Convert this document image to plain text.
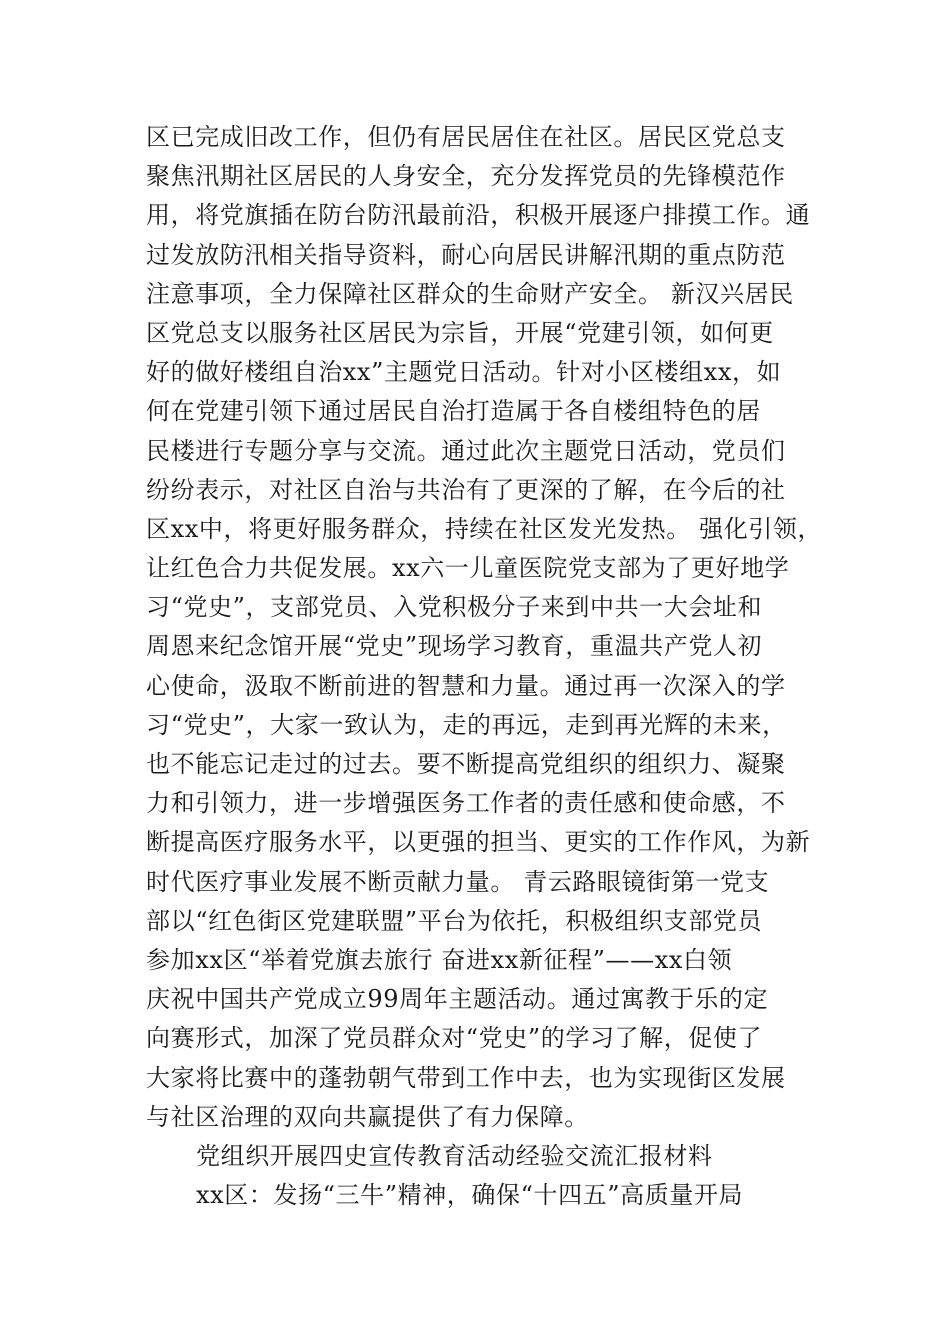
区已完成旧改工作，但仍有居民居住在社区。居民区党总支
聚焦汛期社区居民的人身安全，充分发挥党员的先锋模范作
用，将党旗插在防台防汛最前沿，积极开展逐户排摸工作。通
过发放防汛相关指导资料，耐心向居民讲解汛期的重点防范
注意事项，全力保障社区群众的生命财产安全。 新汉兴居民
区党总支以服务社区居民为宗旨，开展“党建引领，如何更
好的做好楼组自治xx”主题党日活动。针对小区楼组xx，如
何在党建引领下通过居民自治打造属于各自楼组特色的居
民楼进行专题分享与交流。通过此次主题党日活动，党员们
纷纷表示，对社区自治与共治有了更深的了解，在今后的社
区xx中，将更好服务群众，持续在社区发光发热。 强化引领，
让红色合力共促发展。xx六一儿童医院党支部为了更好地学
习“党史”，支部党员、入党积极分子来到中共一大会址和
周恩来纪念馆开展“党史”现场学习教育，重温共产党人初
心使命，汲取不断前进的智慧和力量。通过再一次深入的学
习“党史”，大家一致认为，走的再远，走到再光辉的未来，
也不能忘记走过的过去。要不断提高党组织的组织力、凝聚
力和引领力，进一步增强医务工作者的责任感和使命感，不
断提高医疗服务水平，以更强的担当、更实的工作作风，为新
时代医疗事业发展不断贡献力量。 青云路眼镜街第一党支
部以“红色街区党建联盟”平台为依托，积极组织支部党员
参加xx区“举着党旗去旅行 奋进xx新征程”——xx白领
庆祝中国共产党成立99周年主题活动。通过寓教于乐的定
向赛形式，加深了党员群众对“党史”的学习了解，促使了
大家将比赛中的蓬勃朝气带到工作中去，也为实现街区发展
与社区治理的双向共赢提供了有力保障。
党组织开展四史宣传教育活动经验交流汇报材料
xx区：发扬“三牛”精神，确保“十四五”高质量开局
